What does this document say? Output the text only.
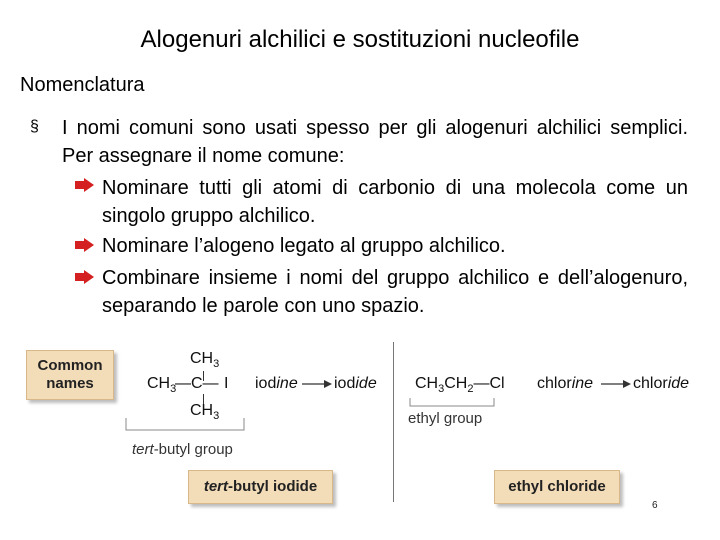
Alogenuri alchilici e sostituzioni nucleofile
Nomenclatura
§ I nomi comuni sono usati spesso per gli alogenuri alchilici semplici. Per assegnare il nome comune:
Nominare tutti gli atomi di carbonio di una molecola come un singolo gruppo alchilico.
Nominare l’alogeno legato al gruppo alchilico.
Combinare insieme i nomi del gruppo alchilico e dell’alogenuro, separando le parole con uno spazio.
Common
names
$CH_3$
$CH_3$
—C— I
$CH_3$
tert-butyl group
iodine iodide
tert-butyl iodide
$CH_3CH_2—Cl$
ethyl group
chlorine chloride
ethyl chloride
6
